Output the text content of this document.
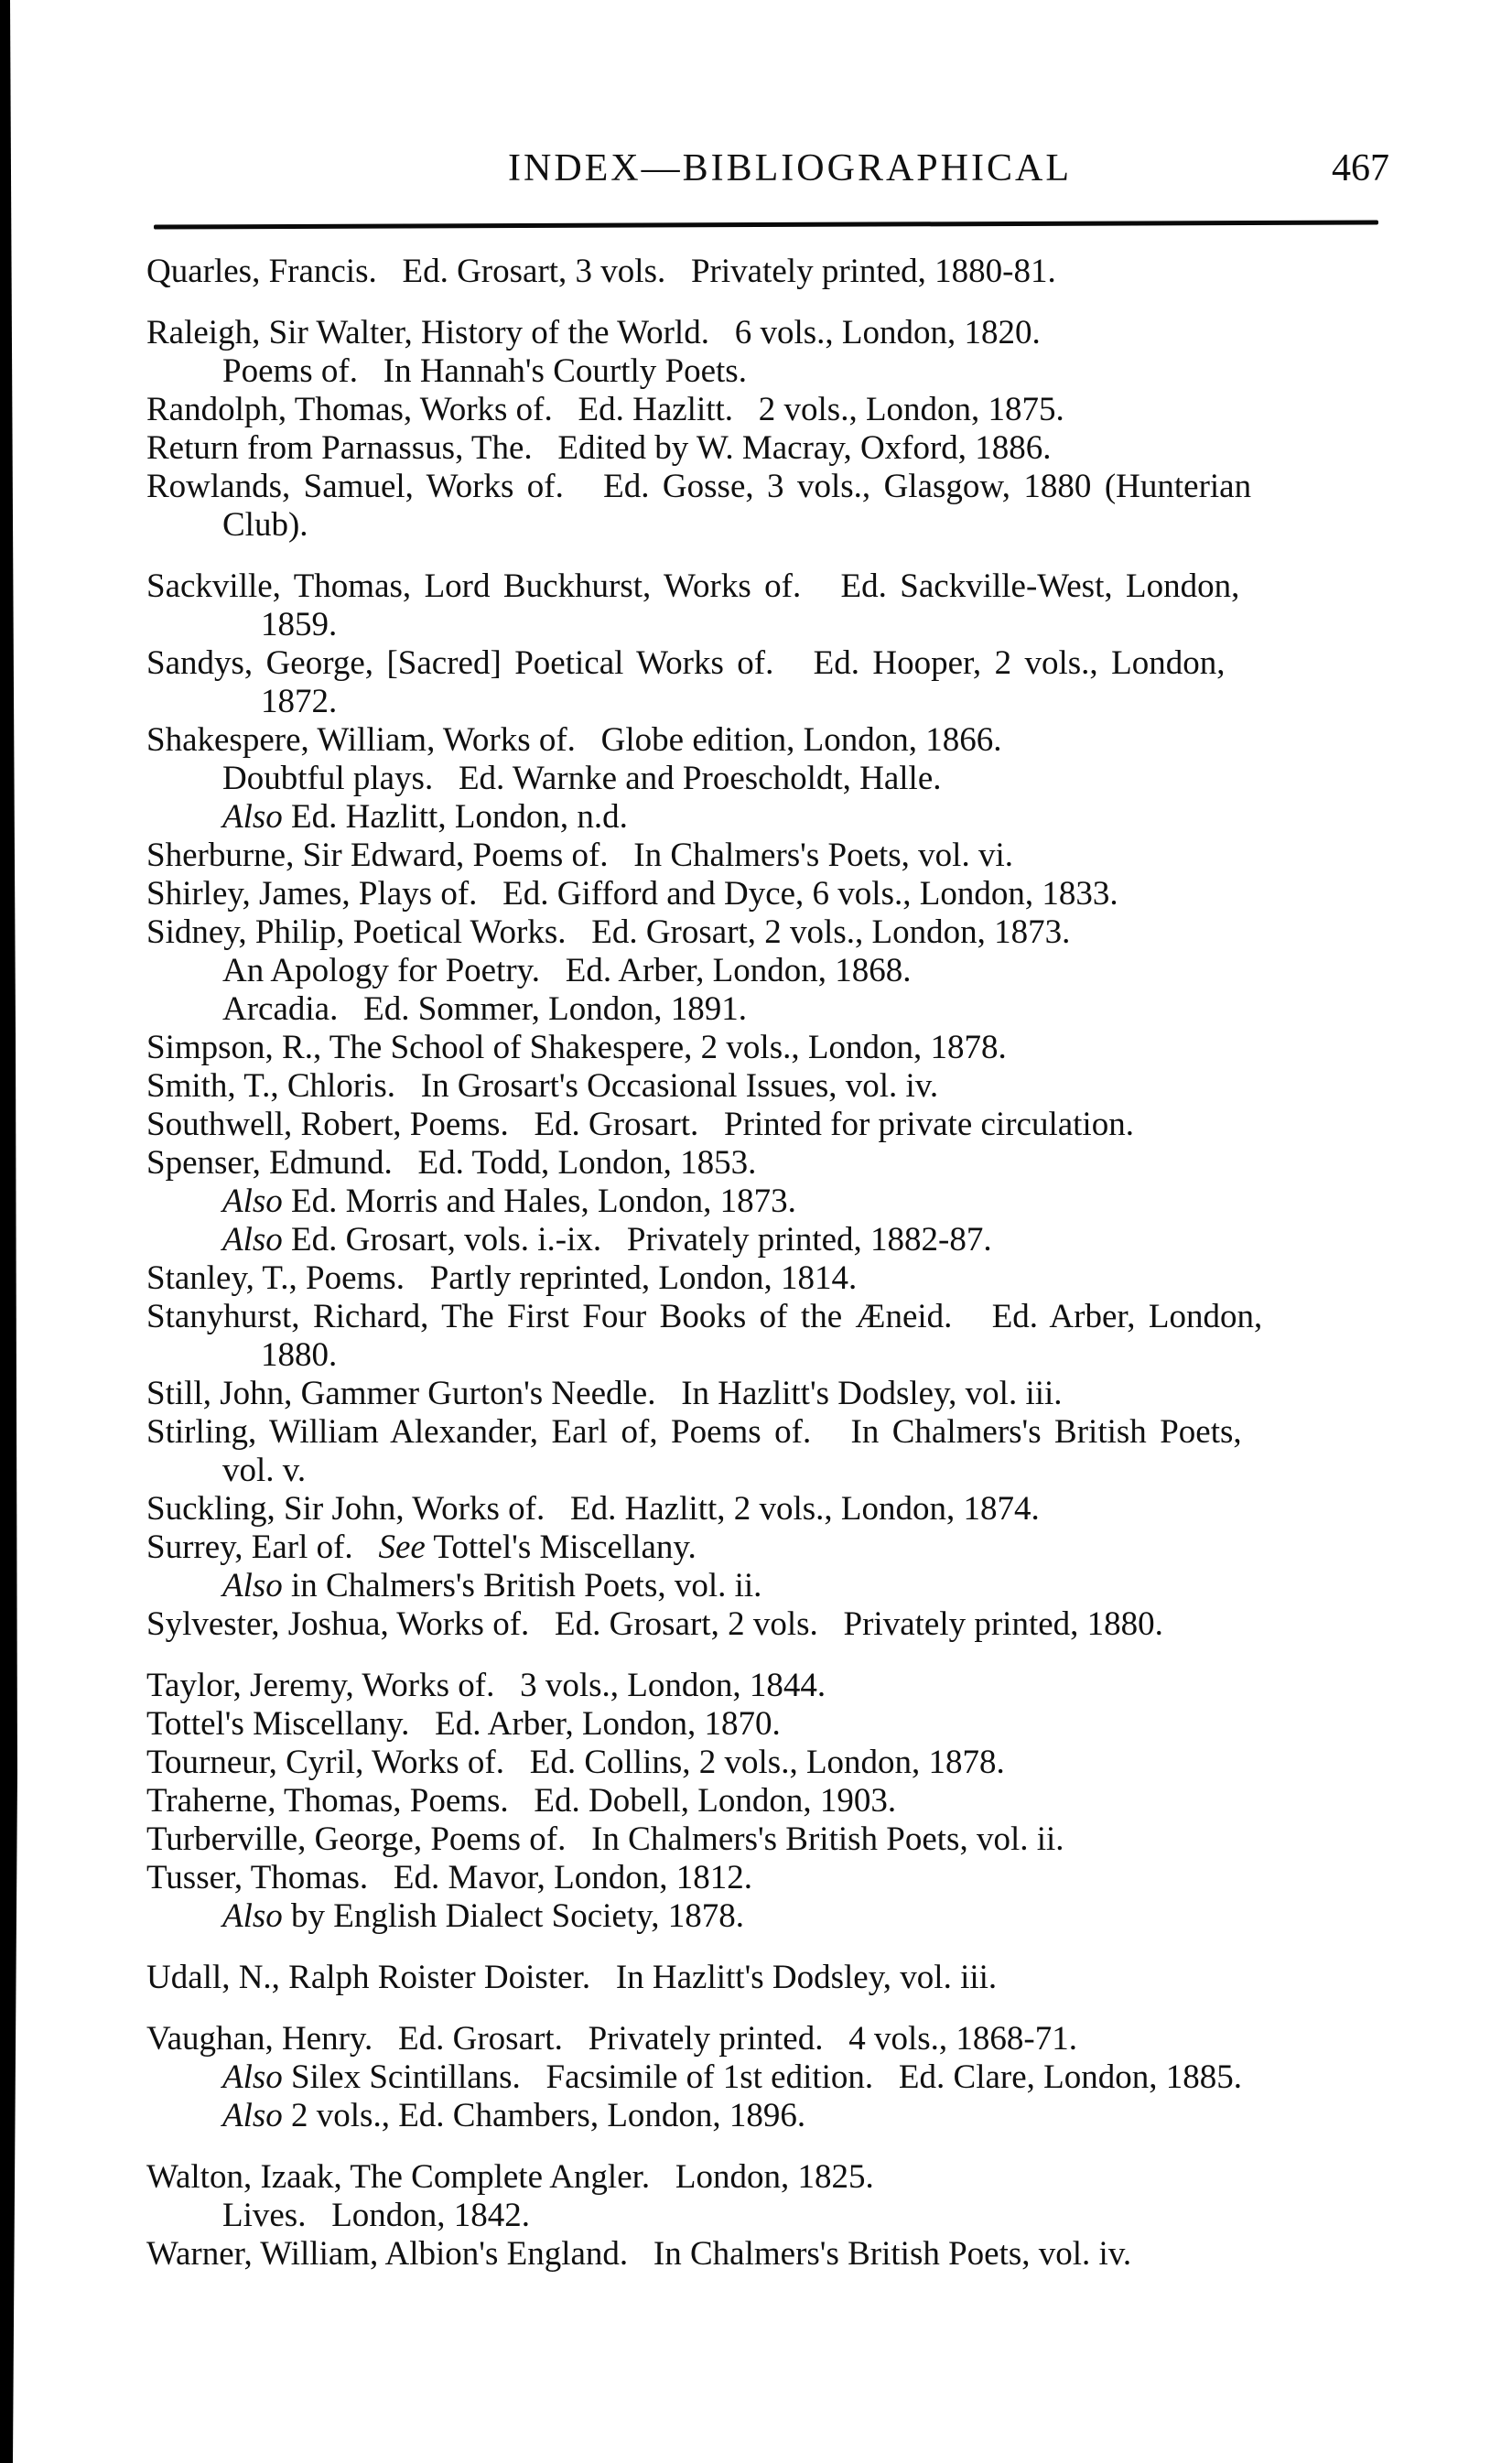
INDEX—BIBLIOGRAPHICAL	467
Quarles, Francis.   Ed. Grosart, 3 vols.   Privately printed, 1880-81.
Raleigh, Sir Walter, History of the World.   6 vols., London, 1820.
Poems of.   In Hannah's Courtly Poets.
Randolph, Thomas, Works of.   Ed. Hazlitt.   2 vols., London, 1875.
Return from Parnassus, The.   Edited by W. Macray, Oxford, 1886.
Rowlands, Samuel, Works of.   Ed. Gosse, 3 vols., Glasgow, 1880 (Hunterian
Club).
Sackville, Thomas, Lord Buckhurst, Works of.   Ed. Sackville-West, London,
1859.
Sandys, George, [Sacred] Poetical Works of.   Ed. Hooper, 2 vols., London,
1872.
Shakespere, William, Works of.   Globe edition, London, 1866.
Doubtful plays.   Ed. Warnke and Proescholdt, Halle.
Also Ed. Hazlitt, London, n.d.
Sherburne, Sir Edward, Poems of.   In Chalmers's Poets, vol. vi.
Shirley, James, Plays of.   Ed. Gifford and Dyce, 6 vols., London, 1833.
Sidney, Philip, Poetical Works.   Ed. Grosart, 2 vols., London, 1873.
An Apology for Poetry.   Ed. Arber, London, 1868.
Arcadia.   Ed. Sommer, London, 1891.
Simpson, R., The School of Shakespere, 2 vols., London, 1878.
Smith, T., Chloris.   In Grosart's Occasional Issues, vol. iv.
Southwell, Robert, Poems.   Ed. Grosart.   Printed for private circulation.
Spenser, Edmund.   Ed. Todd, London, 1853.
Also Ed. Morris and Hales, London, 1873.
Also Ed. Grosart, vols. i.-ix.   Privately printed, 1882-87.
Stanley, T., Poems.   Partly reprinted, London, 1814.
Stanyhurst, Richard, The First Four Books of the Æneid.   Ed. Arber, London,
1880.
Still, John, Gammer Gurton's Needle.   In Hazlitt's Dodsley, vol. iii.
Stirling, William Alexander, Earl of, Poems of.   In Chalmers's British Poets,
vol. v.
Suckling, Sir John, Works of.   Ed. Hazlitt, 2 vols., London, 1874.
Surrey, Earl of.   See Tottel's Miscellany.
Also in Chalmers's British Poets, vol. ii.
Sylvester, Joshua, Works of.   Ed. Grosart, 2 vols.   Privately printed, 1880.
Taylor, Jeremy, Works of.   3 vols., London, 1844.
Tottel's Miscellany.   Ed. Arber, London, 1870.
Tourneur, Cyril, Works of.   Ed. Collins, 2 vols., London, 1878.
Traherne, Thomas, Poems.   Ed. Dobell, London, 1903.
Turberville, George, Poems of.   In Chalmers's British Poets, vol. ii.
Tusser, Thomas.   Ed. Mavor, London, 1812.
Also by English Dialect Society, 1878.
Udall, N., Ralph Roister Doister.   In Hazlitt's Dodsley, vol. iii.
Vaughan, Henry.   Ed. Grosart.   Privately printed.   4 vols., 1868-71.
Also Silex Scintillans.   Facsimile of 1st edition.   Ed. Clare, London, 1885.
Also 2 vols., Ed. Chambers, London, 1896.
Walton, Izaak, The Complete Angler.   London, 1825.
Lives.   London, 1842.
Warner, William, Albion's England.   In Chalmers's British Poets, vol. iv.
